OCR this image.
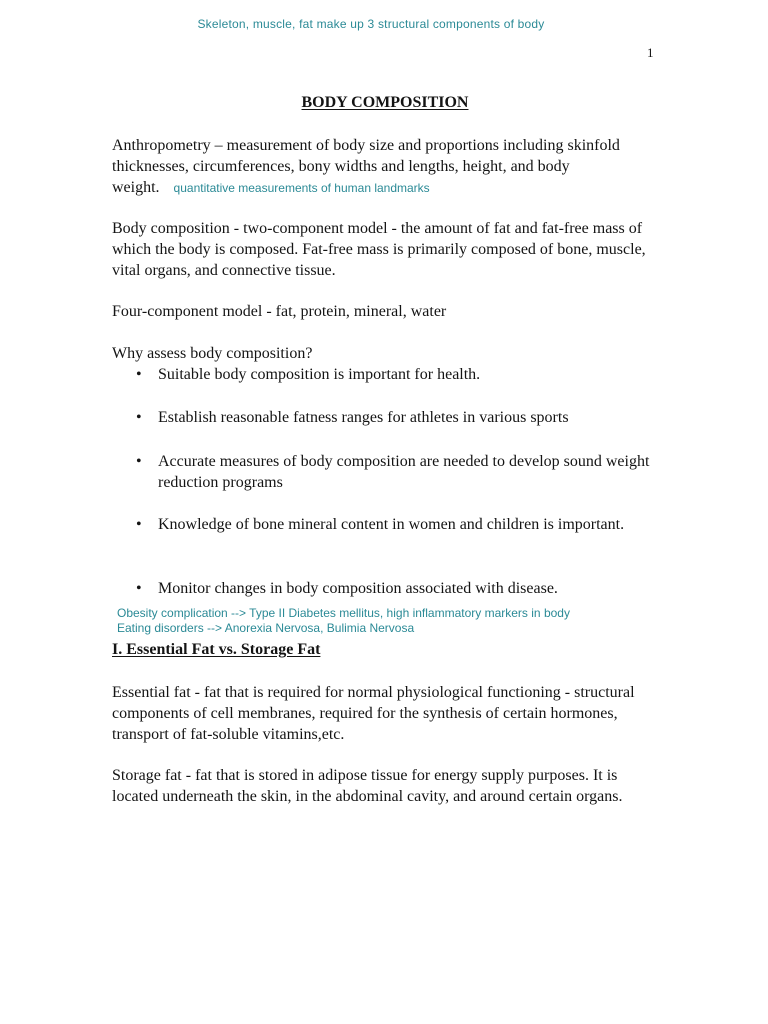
Skeleton, muscle, fat make up 3 structural components of body
1
BODY COMPOSITION

Anthropometry – measurement of body size and proportions including skinfold thicknesses, circumferences, bony widths and lengths, height, and body weight. quantitative measurements of human landmarks

Body composition - two-component model - the amount of fat and fat-free mass of which the body is composed. Fat-free mass is primarily composed of bone, muscle, vital organs, and connective tissue.

Four-component model - fat, protein, mineral, water

Why assess body composition?

• Suitable body composition is important for health.
• Establish reasonable fatness ranges for athletes in various sports
• Accurate measures of body composition are needed to develop sound weight reduction programs
• Knowledge of bone mineral content in women and children is important.
• Monitor changes in body composition associated with disease.
Obesity complication --> Type II Diabetes mellitus, high inflammatory markers in body
Eating disorders --> Anorexia Nervosa, Bulimia Nervosa
I. Essential Fat vs. Storage Fat

Essential fat - fat that is required for normal physiological functioning - structural components of cell membranes, required for the synthesis of certain hormones, transport of fat-soluble vitamins,etc.

Storage fat - fat that is stored in adipose tissue for energy supply purposes. It is located underneath the skin, in the abdominal cavity, and around certain organs.
